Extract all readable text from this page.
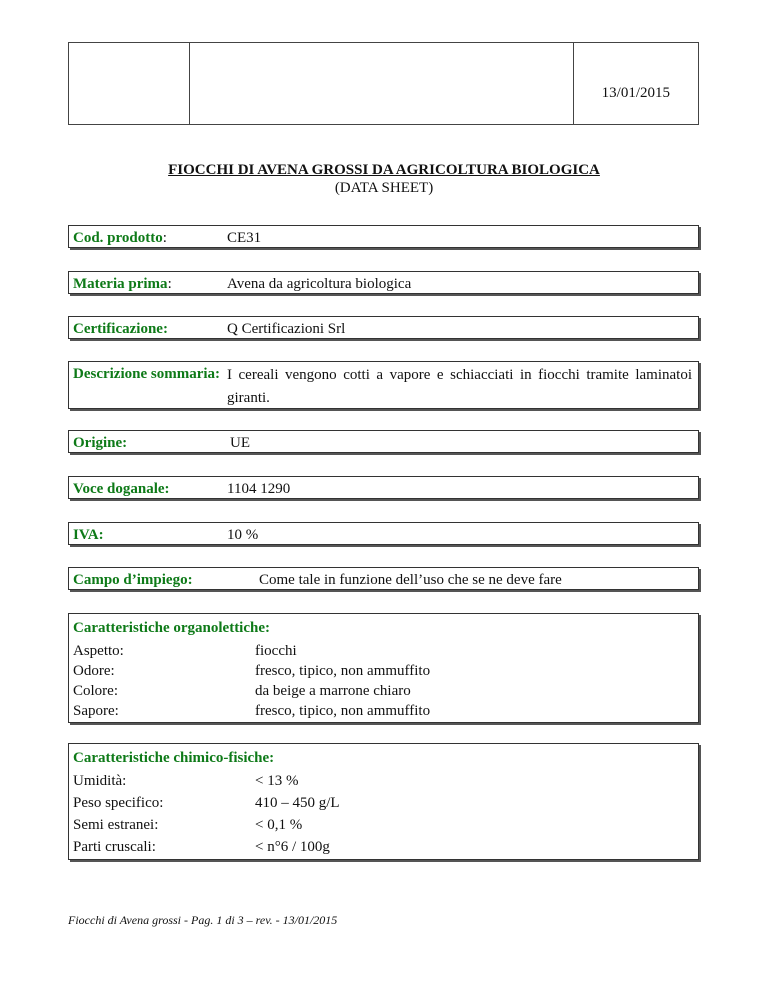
13/01/2015
FIOCCHI DI AVENA GROSSI DA AGRICOLTURA BIOLOGICA
(DATA SHEET)
Cod. prodotto:	CE31
Materia prima:	Avena da agricoltura biologica
Certificazione:	Q Certificazioni Srl
Descrizione sommaria: I cereali vengono cotti a vapore e schiacciati in fiocchi tramite laminatoi giranti.
Origine:	UE
Voce doganale:	1104 1290
IVA:	10 %
Campo d’impiego:	Come tale in funzione dell’uso che se ne deve fare
Caratteristiche organolettiche:
Aspetto:	fiocchi
Odore:	fresco, tipico, non ammuffito
Colore:	da beige a marrone chiaro
Sapore:	fresco, tipico, non ammuffito
Caratteristiche chimico-fisiche:
Umidità:	< 13 %
Peso specifico:	410 – 450 g/L
Semi estranei:	< 0,1 %
Parti cruscali:	< n°6 / 100g
Fiocchi di Avena grossi - Pag. 1 di 3 – rev. - 13/01/2015
